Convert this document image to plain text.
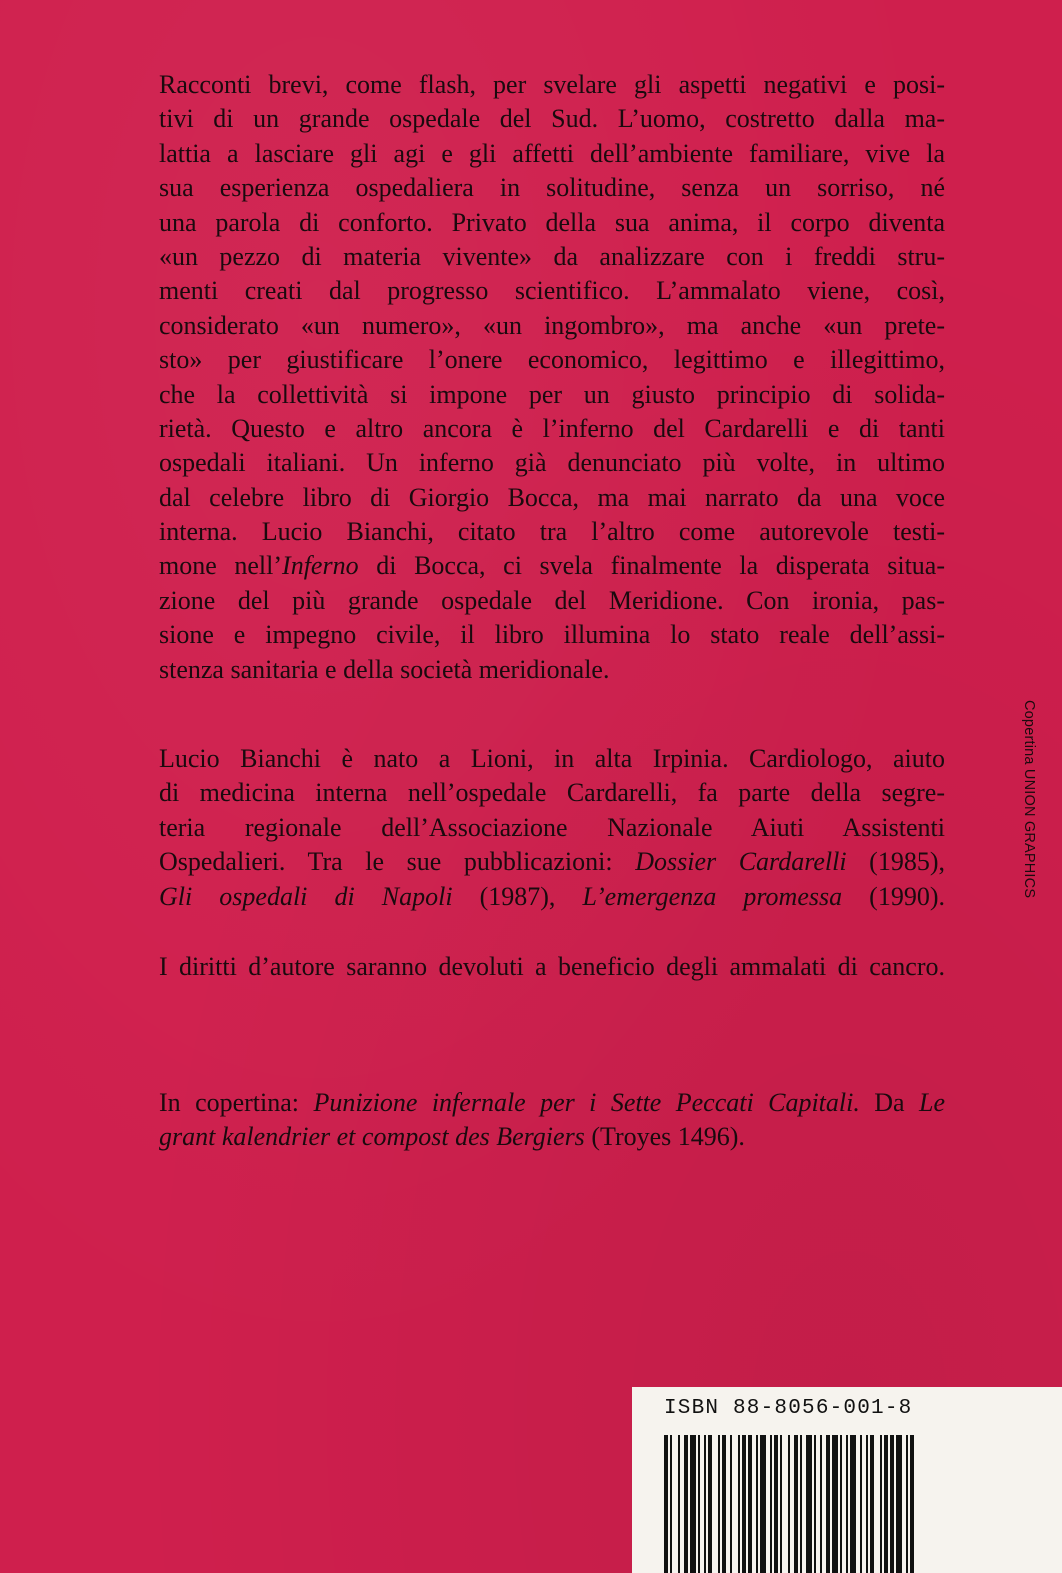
Racconti brevi, come flash, per svelare gli aspetti negativi e posi-
tivi di un grande ospedale del Sud. L’uomo, costretto dalla ma-
lattia a lasciare gli agi e gli affetti dell’ambiente familiare, vive la
sua esperienza ospedaliera in solitudine, senza un sorriso, né
una parola di conforto. Privato della sua anima, il corpo diventa
«un pezzo di materia vivente» da analizzare con i freddi stru-
menti creati dal progresso scientifico. L’ammalato viene, così,
considerato «un numero», «un ingombro», ma anche «un prete-
sto» per giustificare l’onere economico, legittimo e illegittimo,
che la collettività si impone per un giusto principio di solida-
rietà. Questo e altro ancora è l’inferno del Cardarelli e di tanti
ospedali italiani. Un inferno già denunciato più volte, in ultimo
dal celebre libro di Giorgio Bocca, ma mai narrato da una voce
interna. Lucio Bianchi, citato tra l’altro come autorevole testi-
mone nell’Inferno di Bocca, ci svela finalmente la disperata situa-
zione del più grande ospedale del Meridione. Con ironia, pas-
sione e impegno civile, il libro illumina lo stato reale dell’assi-
stenza sanitaria e della società meridionale.
Lucio Bianchi è nato a Lioni, in alta Irpinia. Cardiologo, aiuto
di medicina interna nell’ospedale Cardarelli, fa parte della segre-
teria regionale dell’Associazione Nazionale Aiuti Assistenti
Ospedalieri. Tra le sue pubblicazioni: Dossier Cardarelli (1985),
Gli ospedali di Napoli (1987), L’emergenza promessa (1990).
I diritti d’autore saranno devoluti a beneficio degli ammalati di cancro.
In copertina: Punizione infernale per i Sette Peccati Capitali. Da Le
grant kalendrier et compost des Bergiers (Troyes 1496).
Copertina UNION GRAPHICS
ISBN 88-8056-001-8
